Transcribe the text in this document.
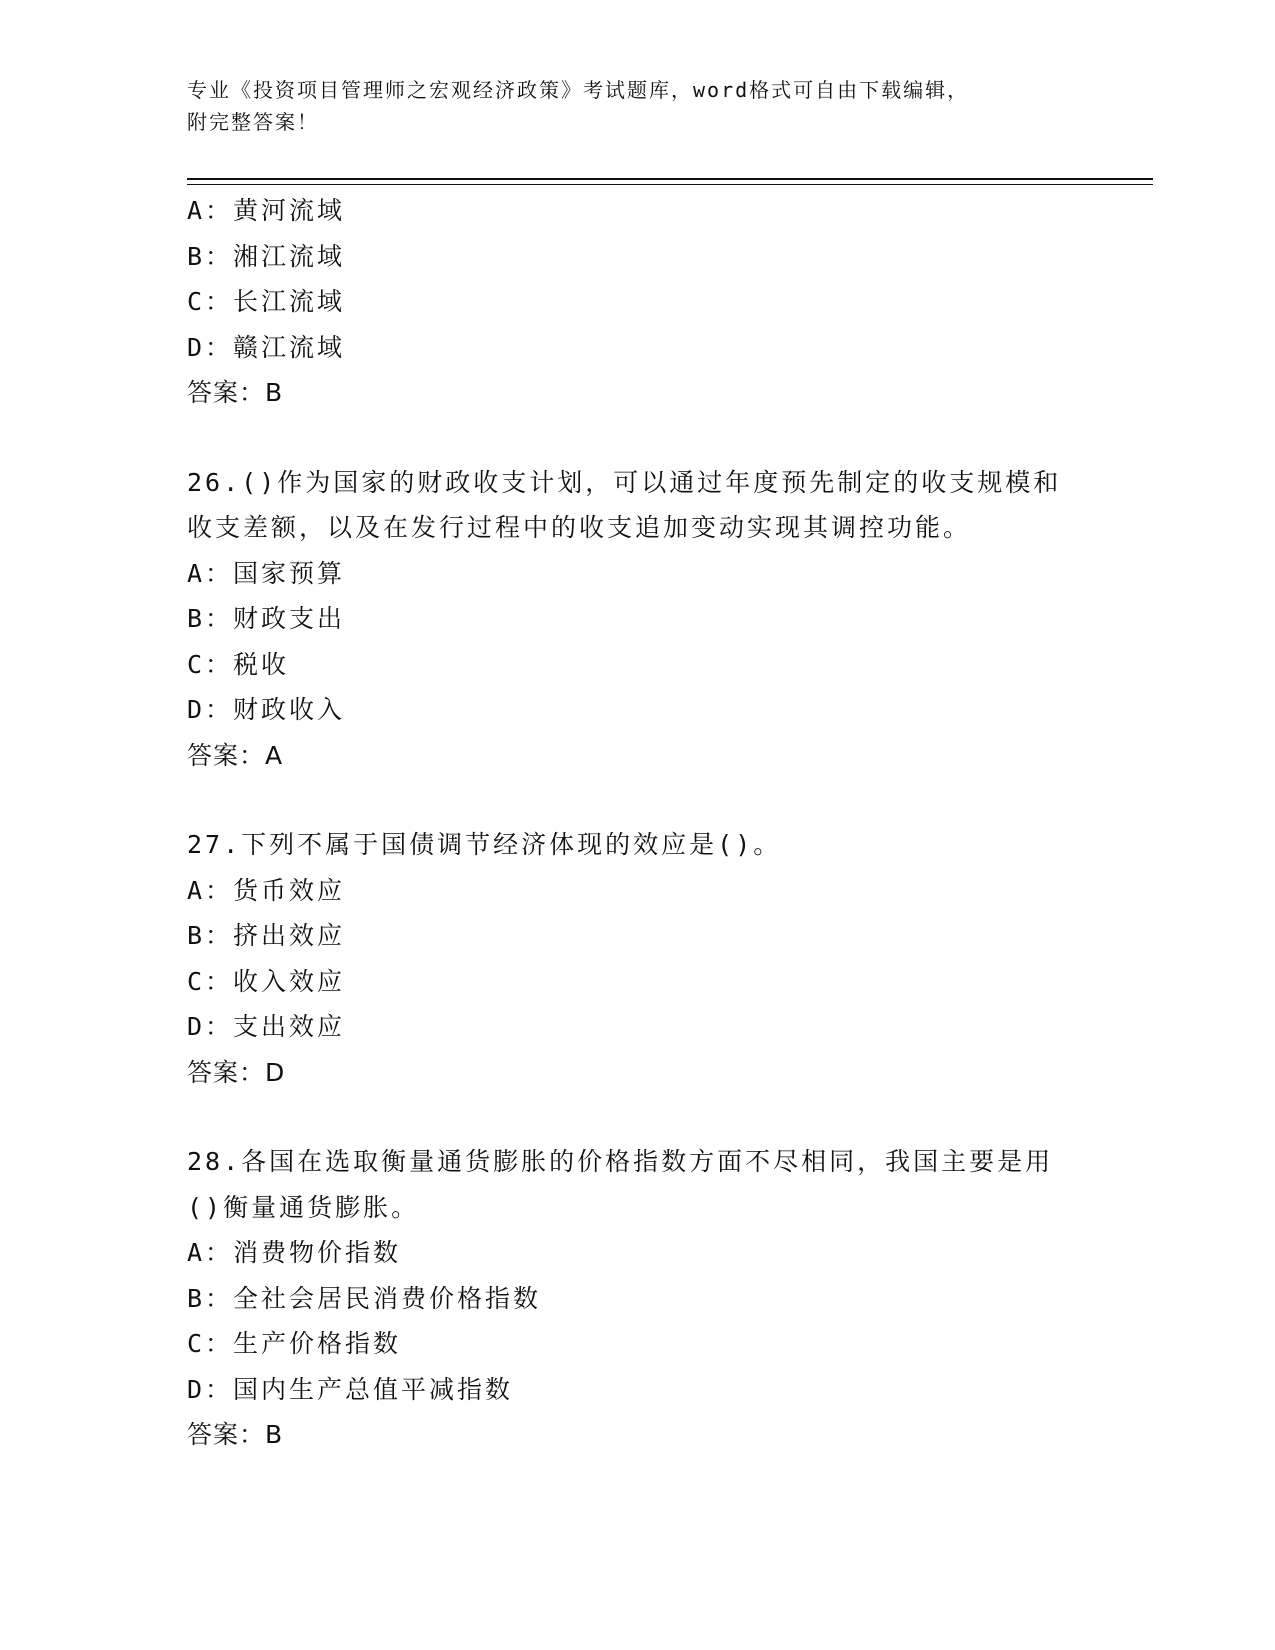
专业《投资项目管理师之宏观经济政策》考试题库，word格式可自由下载编辑，
附完整答案！
A：黄河流域
B：湘江流域
C：长江流域
D：赣江流域
答案：B
26.()作为国家的财政收支计划，可以通过年度预先制定的收支规模和
收支差额，以及在发行过程中的收支追加变动实现其调控功能。
A：国家预算
B：财政支出
C：税收
D：财政收入
答案：A
27.下列不属于国债调节经济体现的效应是()。
A：货币效应
B：挤出效应
C：收入效应
D：支出效应
答案：D
28.各国在选取衡量通货膨胀的价格指数方面不尽相同，我国主要是用
()衡量通货膨胀。
A：消费物价指数
B：全社会居民消费价格指数
C：生产价格指数
D：国内生产总值平减指数
答案：B
